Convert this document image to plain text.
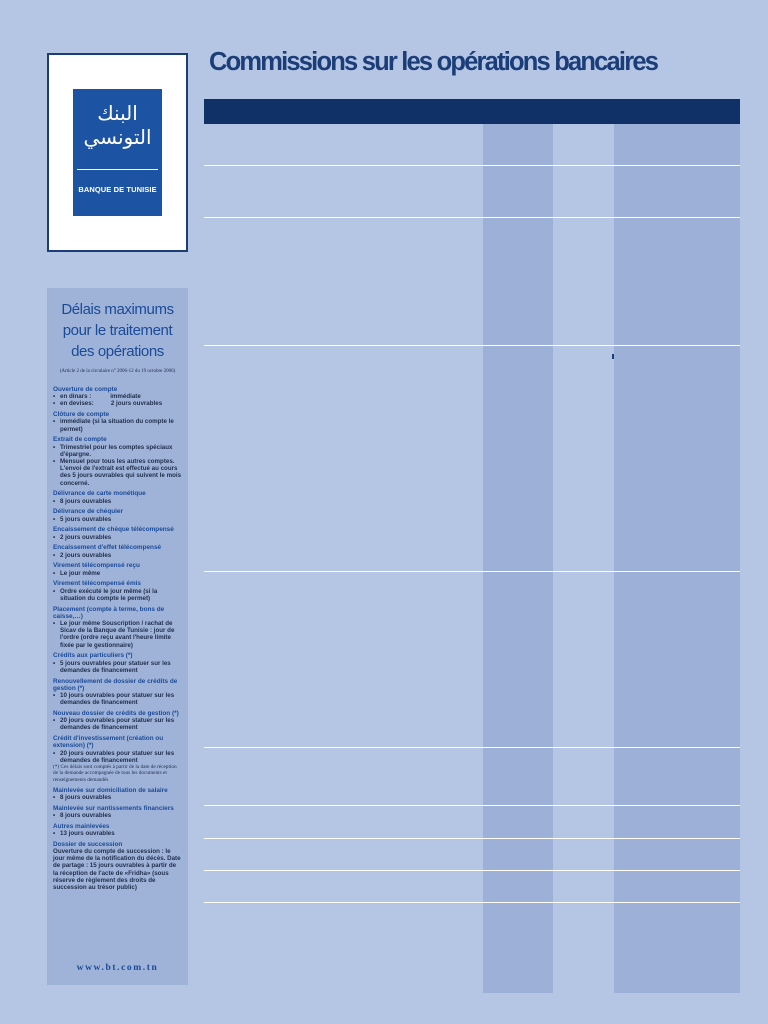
البنك
التونسي
BANQUE DE TUNISIE
Commissions sur les opérations bancaires
Délais maximums pour le traitement des opérations
(Article 2 de la circulaire n° 2006-12 du 19 octobre 2006)
Ouverture de compte
• en dinars :           immédiate
• en devises:          2 jours ouvrables
Clôture de compte
• immédiate (si la situation du compte le permet)
Extrait de compte
• Trimestriel pour les comptes spéciaux d'épargne.
• Mensuel pour tous les autres comptes. L'envoi de l'extrait est effectué au cours des 5 jours ouvrables qui suivent le mois concerné.
Délivrance de carte monétique
• 8 jours ouvrables
Délivrance de chéquier
• 5 jours ouvrables
Encaissement de chèque télécompensé
• 2 jours ouvrables
Encaissement d'effet télécompensé
• 2 jours ouvrables
Virement télécompensé reçu
• Le jour même
Virement télécompensé émis
• Ordre exécuté le jour même (si la situation du compte le permet)
Placement (compte à terme, bons de caisse,…)
• Le jour même Souscription / rachat de Sicav de la Banque de Tunisie : jour de l'ordre (ordre reçu avant l'heure limite fixée par le gestionnaire)
Crédits aux particuliers (*)
• 5 jours ouvrables pour statuer sur les demandes de financement
Renouvellement de dossier de crédits de gestion (*)
• 10 jours ouvrables pour statuer sur les demandes de financement
Nouveau dossier de crédits de gestion (*)
• 20 jours ouvrables pour statuer sur les demandes de financement
Crédit d'investissement (création ou extension) (*)
• 20 jours ouvrables pour statuer sur les demandes de financement
(*) Ces délais sont comptés à partir de la date de réception de la demande accompagnée de tous les documents et renseignements demandés
Mainlevée sur domiciliation de salaire
• 8 jours ouvrables
Mainlevée sur nantissements financiers
• 8 jours ouvrables
Autres mainlevées
• 13 jours ouvrables
Dossier de succession
Ouverture du compte de succession : le jour même de la notification du décès. Date de partage : 15 jours ouvrables à partir de la réception de l'acte de «Fridha» (sous réserve de règlement des droits de succession au trésor public)
www.bt.com.tn
